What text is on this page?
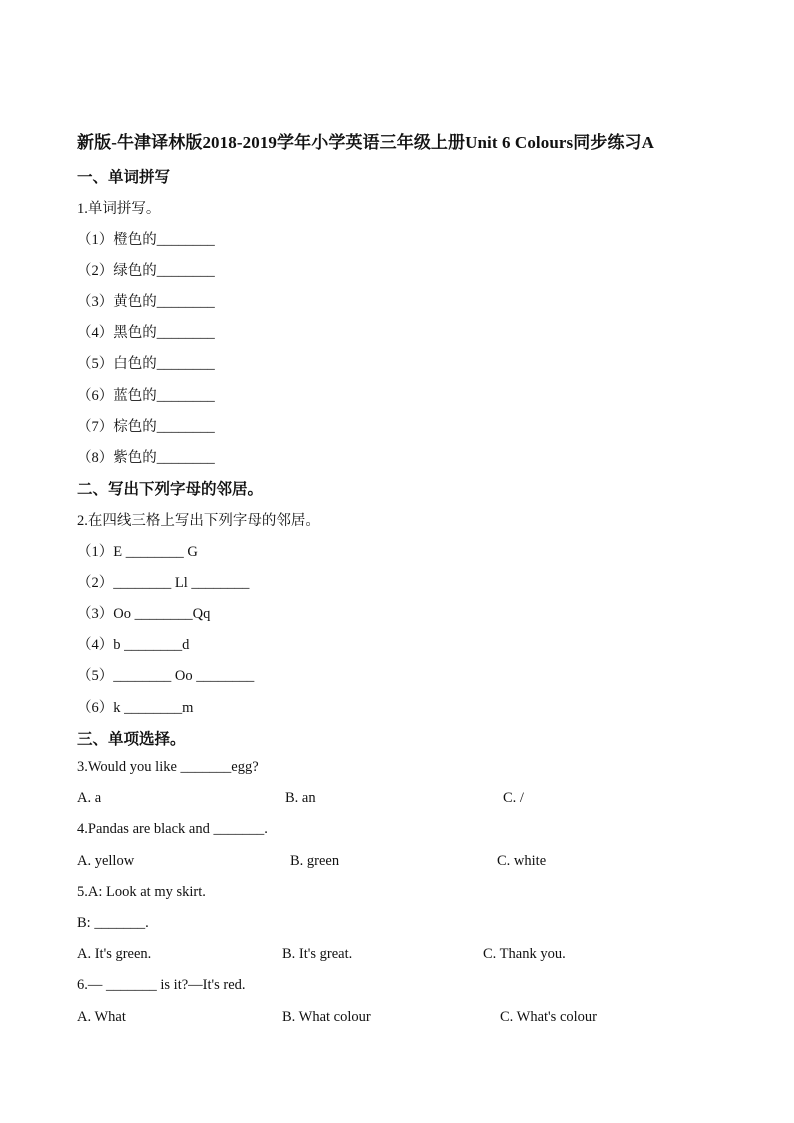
新版-牛津译林版2018-2019学年小学英语三年级上册Unit 6 Colours同步练习A
一、单词拼写
1.单词拼写。
（1）橙色的________
（2）绿色的________
（3）黄色的________
（4）黑色的________
（5）白色的________
（6）蓝色的________
（7）棕色的________
（8）紫色的________
二、写出下列字母的邻居。
2.在四线三格上写出下列字母的邻居。
（1）E ________ G
（2）________ Ll ________
（3）Oo ________Qq
（4）b ________d
（5）________ Oo ________
（6）k ________m
三、单项选择。
3.Would you like _______egg?
A. a	B. an	C. /
4.Pandas are black and _______.
A. yellow	B. green	C. white
5.A: Look at my skirt.
B: _______.
A. It's green.	B. It's great.	C. Thank you.
6.— _______ is it?—It's red.
A. What	B. What colour	C. What's colour
